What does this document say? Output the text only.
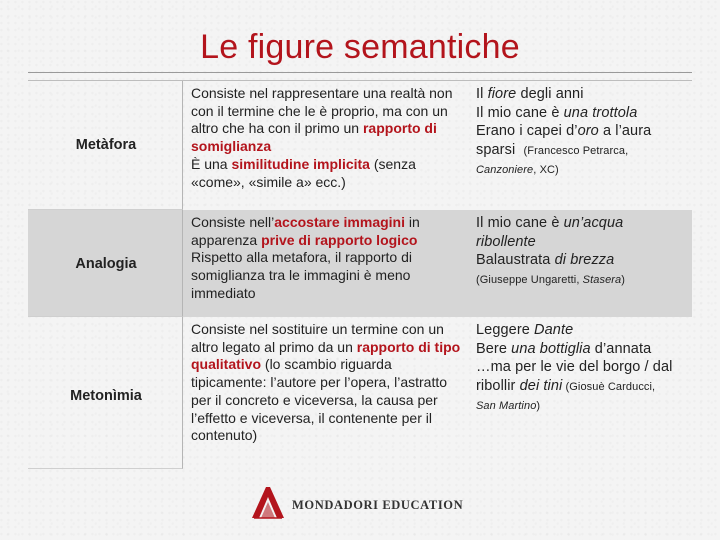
Le figure semantiche
Metàfora
Consiste nel rappresentare una realtà non con il termine che le è proprio, ma con un altro che ha con il primo un rapporto di somiglianza
È una similitudine implicita (senza «come», «simile a» ecc.)
Il fiore degli anni
Il mio cane è una trottola
Erano i capei d’oro a l’aura
sparsi (Francesco Petrarca,
Canzoniere, XC)
Analogia
Consiste nell’accostare immagini in apparenza prive di rapporto logico
Rispetto alla metafora, il rapporto di somiglianza tra le immagini è meno immediato
Il mio cane è un’acqua ribollente
Balaustrata di brezza
(Giuseppe Ungaretti, Stasera)
Metonìmia
Consiste nel sostituire un termine con un altro legato al primo da un rapporto di tipo qualitativo (lo scambio riguarda tipicamente: l’autore per l’opera, l’astratto per il concreto e viceversa, la causa per l’effetto e viceversa, il contenente per il contenuto)
Leggere Dante
Bere una bottiglia d’annata
…ma per le vie del borgo / dal ribollir dei tini (Giosuè Carducci,
San Martino)
MONDADORI EDUCATION
